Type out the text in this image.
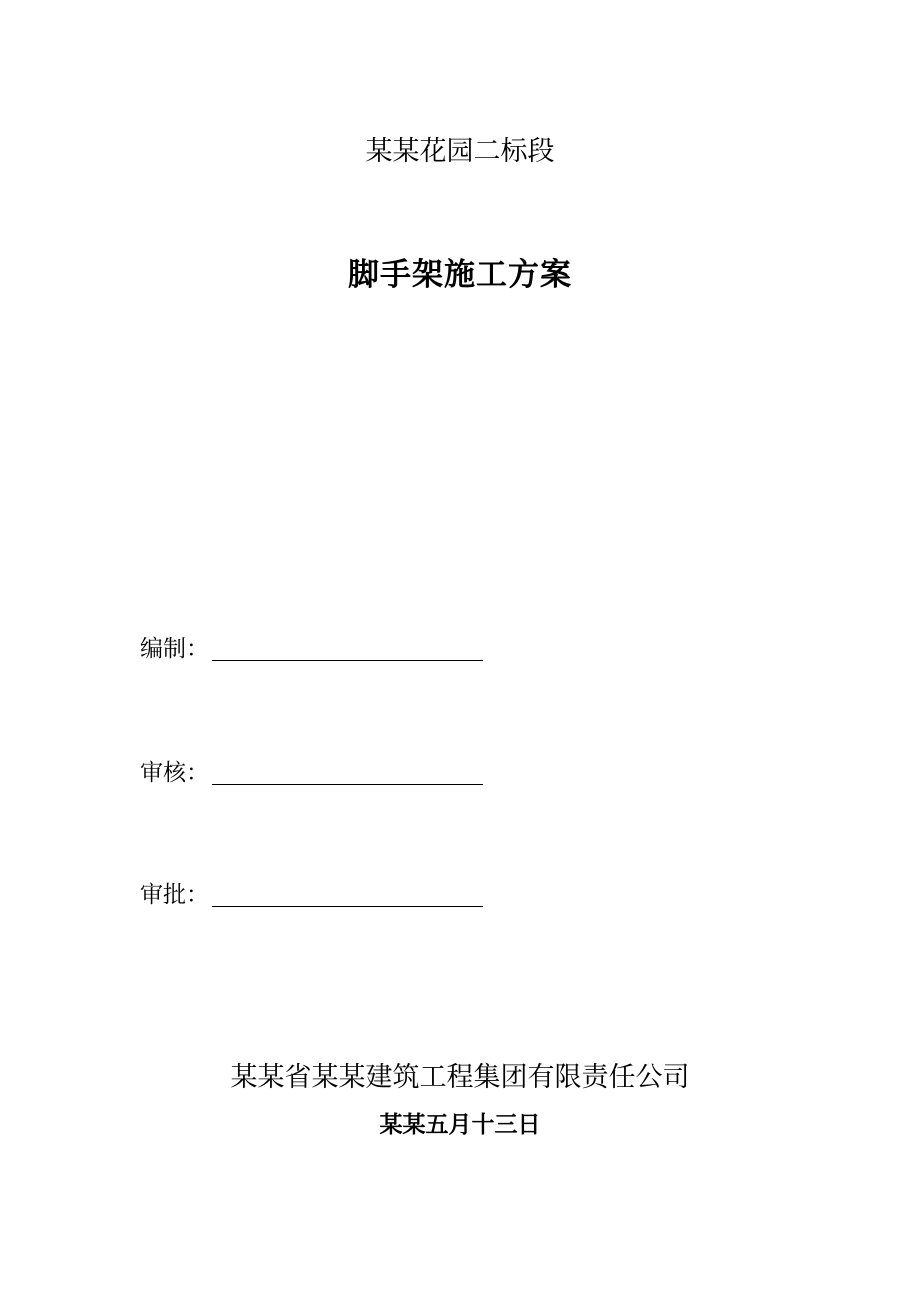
某某花园二标段
脚手架施工方案
编制：
审核：
审批：
某某省某某建筑工程集团有限责任公司
某某五月十三日
